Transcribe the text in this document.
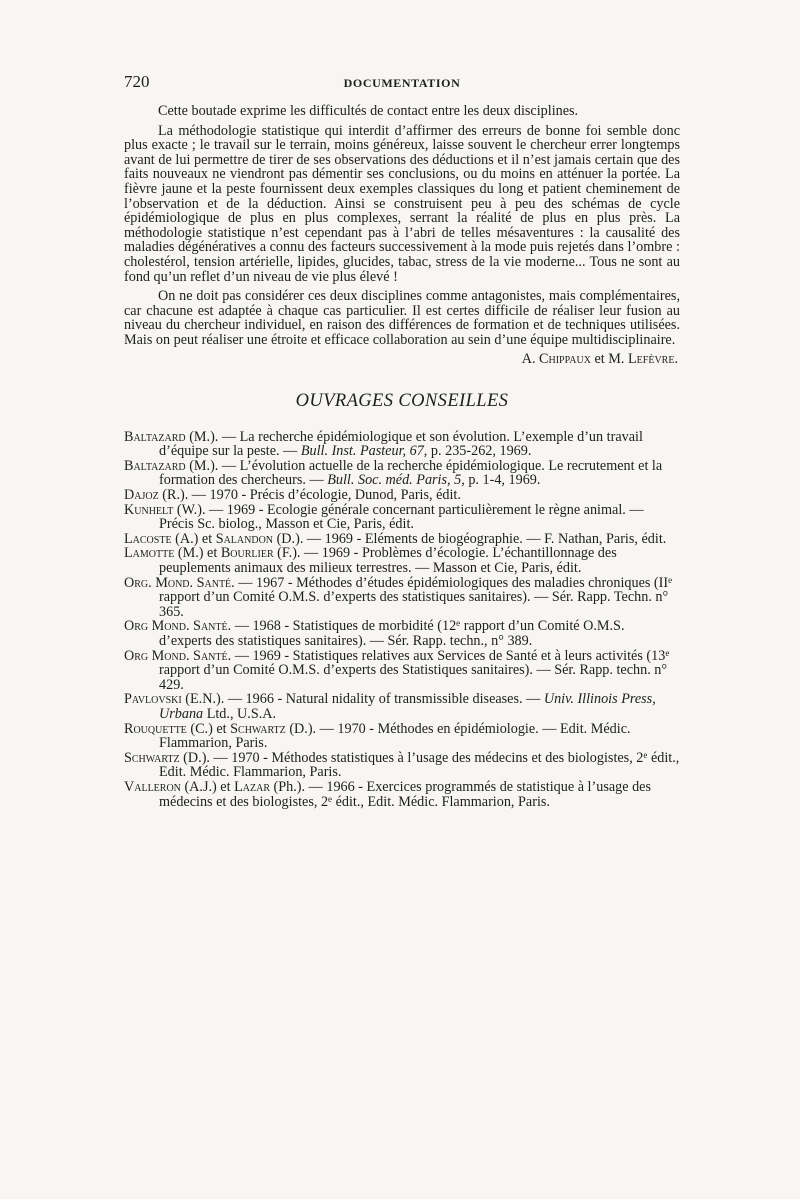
720	DOCUMENTATION

Cette boutade exprime les difficultés de contact entre les deux disciplines.

La méthodologie statistique qui interdit d’affirmer des erreurs de bonne foi semble donc plus exacte ; le travail sur le terrain, moins généreux, laisse souvent le chercheur errer longtemps avant de lui permettre de tirer de ses observations des déductions et il n’est jamais certain que des faits nouveaux ne viendront pas démentir ses conclusions, ou du moins en atténuer la portée. La fièvre jaune et la peste fournissent deux exemples classiques du long et patient cheminement de l’observation et de la déduction. Ainsi se construisent peu à peu des schémas de cycle épidémiologique de plus en plus complexes, serrant la réalité de plus en plus près. La méthodologie statistique n’est cependant pas à l’abri de telles mésaventures : la causalité des maladies dégénératives a connu des facteurs successivement à la mode puis rejetés dans l’ombre : cholestérol, tension artérielle, lipides, glucides, tabac, stress de la vie moderne... Tous ne sont au fond qu’un reflet d’un niveau de vie plus élevé !

On ne doit pas considérer ces deux disciplines comme antagonistes, mais complémentaires, car chacune est adaptée à chaque cas particulier. Il est certes difficile de réaliser leur fusion au niveau du chercheur individuel, en raison des différences de formation et de techniques utilisées. Mais on peut réaliser une étroite et efficace collaboration au sein d’une équipe multidisciplinaire.

A. Chippaux et M. Lefèvre.

OUVRAGES CONSEILLES

Baltazard (M.). — La recherche épidémiologique et son évolution. L’exemple d’un travail d’équipe sur la peste. — Bull. Inst. Pasteur, 67, p. 235-262, 1969.

Baltazard (M.). — L’évolution actuelle de la recherche épidémiologique. Le recrutement et la formation des chercheurs. — Bull. Soc. méd. Paris, 5, p. 1-4, 1969.

Dajoz (R.). — 1970 - Précis d’écologie, Dunod, Paris, édit.

Kunhelt (W.). — 1969 - Ecologie générale concernant particulièrement le règne animal. — Précis Sc. biolog., Masson et Cie, Paris, édit.

Lacoste (A.) et Salandon (D.). — 1969 - Eléments de biogéographie. — F. Nathan, Paris, édit.

Lamotte (M.) et Bourlier (F.). — 1969 - Problèmes d’écologie. L’échantillonnage des peuplements animaux des milieux terrestres. — Masson et Cie, Paris, édit.

Org. Mond. Santé. — 1967 - Méthodes d’études épidémiologiques des maladies chroniques (IIe rapport d’un Comité O.M.S. d’experts des statistiques sanitaires). — Sér. Rapp. Techn. n° 365.

Org Mond. Santé. — 1968 - Statistiques de morbidité (12e rapport d’un Comité O.M.S. d’experts des statistiques sanitaires). — Sér. Rapp. techn., n° 389.

Org Mond. Santé. — 1969 - Statistiques relatives aux Services de Santé et à leurs activités (13e rapport d’un Comité O.M.S. d’experts des Statistiques sanitaires). — Sér. Rapp. techn. n° 429.

Pavlovski (E.N.). — 1966 - Natural nidality of transmissible diseases. — Univ. Illinois Press, Urbana Ltd., U.S.A.

Rouquette (C.) et Schwartz (D.). — 1970 - Méthodes en épidémiologie. — Edit. Médic. Flammarion, Paris.

Schwartz (D.). — 1970 - Méthodes statistiques à l’usage des médecins et des biologistes, 2e édit., Edit. Médic. Flammarion, Paris.

Valleron (A.J.) et Lazar (Ph.). — 1966 - Exercices programmés de statistique à l’usage des médecins et des biologistes, 2e édit., Edit. Médic. Flammarion, Paris.
